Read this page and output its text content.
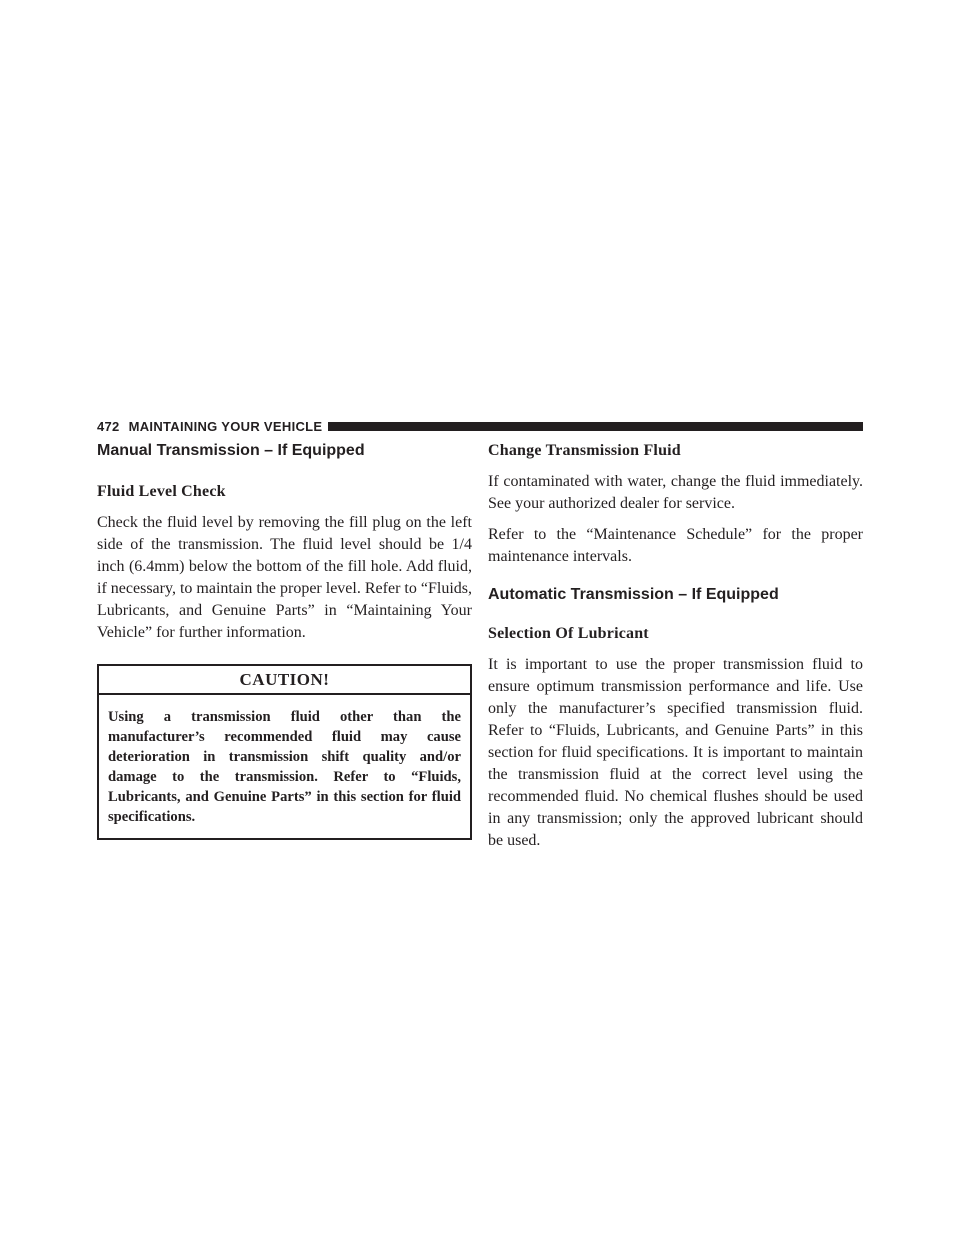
472 MAINTAINING YOUR VEHICLE
Manual Transmission – If Equipped
Fluid Level Check

Check the fluid level by removing the fill plug on the left side of the transmission. The fluid level should be 1/4 inch (6.4mm) below the bottom of the fill hole. Add fluid, if necessary, to maintain the proper level. Refer to “Fluids, Lubricants, and Genuine Parts” in “Maintaining Your Vehicle” for further information.

CAUTION!
Using a transmission fluid other than the manufacturer’s recommended fluid may cause deterioration in transmission shift quality and/or damage to the transmission. Refer to “Fluids, Lubricants, and Genuine Parts” in this section for fluid specifications.
Change Transmission Fluid

If contaminated with water, change the fluid immediately. See your authorized dealer for service.

Refer to the “Maintenance Schedule” for the proper maintenance intervals.

Automatic Transmission – If Equipped
Selection Of Lubricant

It is important to use the proper transmission fluid to ensure optimum transmission performance and life. Use only the manufacturer’s specified transmission fluid. Refer to “Fluids, Lubricants, and Genuine Parts” in this section for fluid specifications. It is important to maintain the transmission fluid at the correct level using the recommended fluid. No chemical flushes should be used in any transmission; only the approved lubricant should be used.
